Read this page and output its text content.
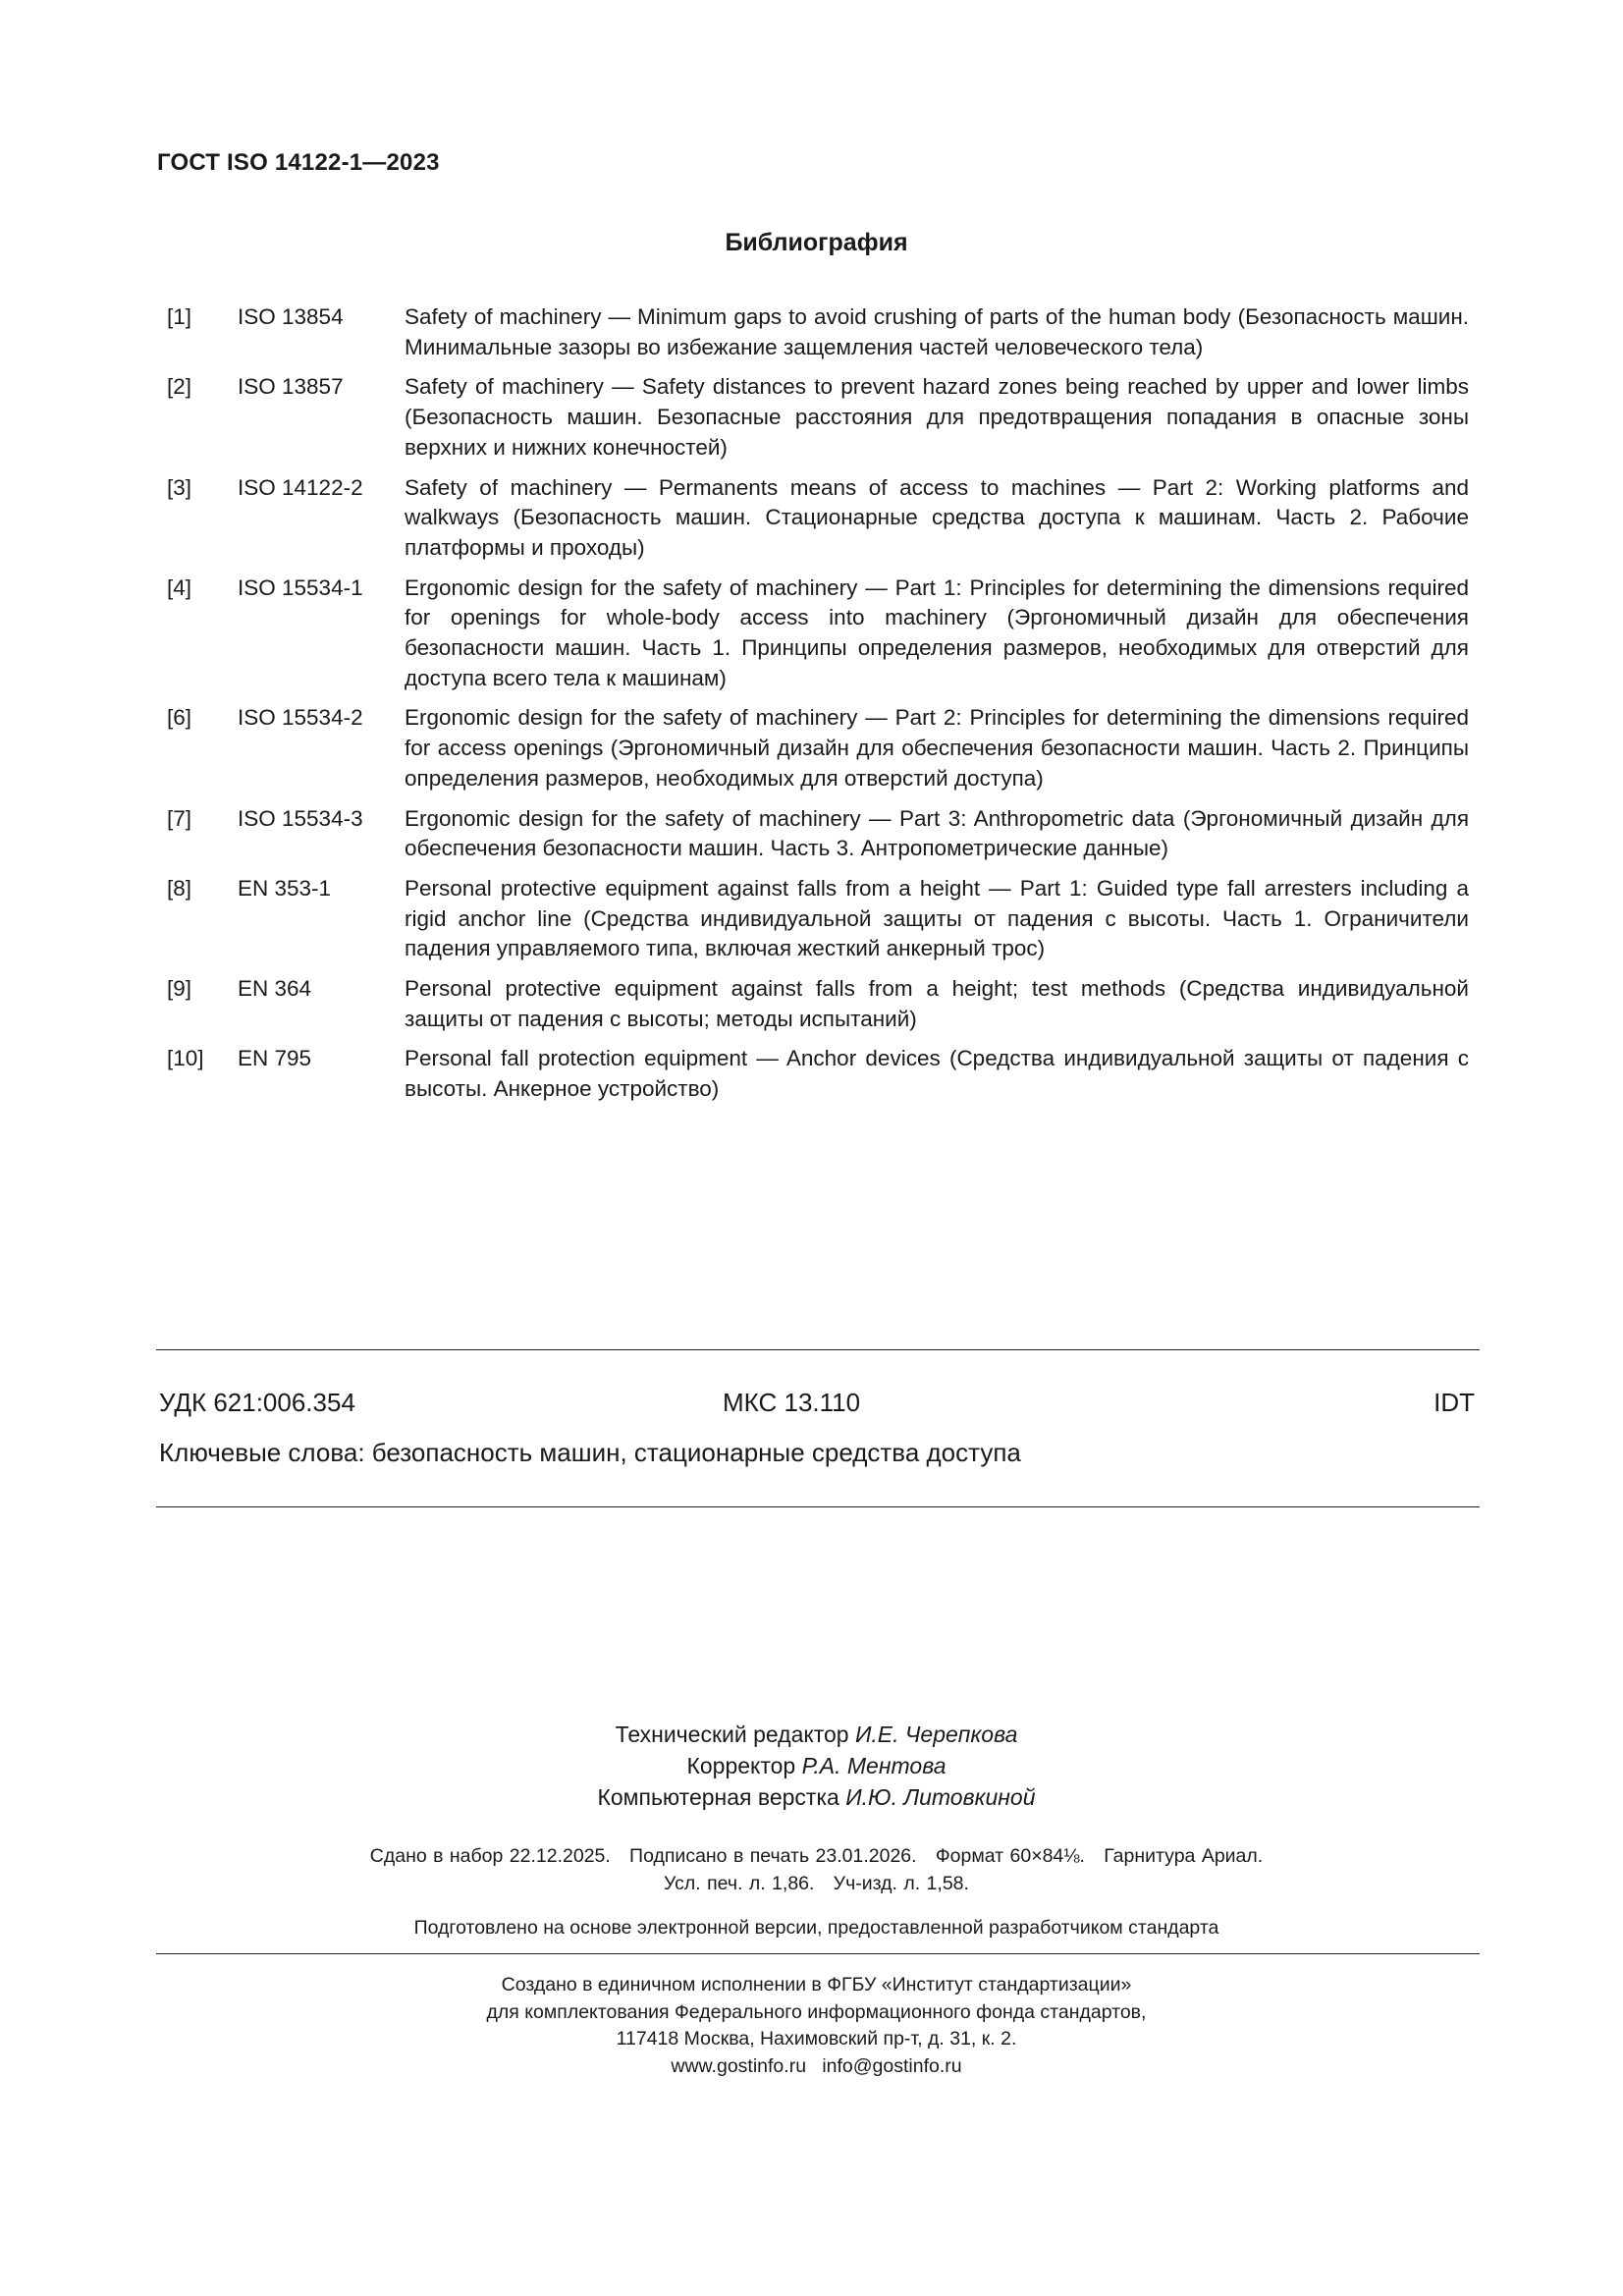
ГОСТ ISO 14122-1—2023
Библиография
[1]	ISO 13854	Safety of machinery — Minimum gaps to avoid crushing of parts of the human body (Безопасность машин. Минимальные зазоры во избежание защемления частей человеческого тела)
[2]	ISO 13857	Safety of machinery — Safety distances to prevent hazard zones being reached by upper and lower limbs (Безопасность машин. Безопасные расстояния для предотвращения попадания в опасные зоны верхних и нижних конечностей)
[3]	ISO 14122-2	Safety of machinery — Permanents means of access to machines — Part 2: Working platforms and walkways (Безопасность машин. Стационарные средства доступа к машинам. Часть 2. Рабочие платформы и проходы)
[4]	ISO 15534-1	Ergonomic design for the safety of machinery — Part 1: Principles for determining the dimensions required for openings for whole-body access into machinery (Эргономичный дизайн для обеспечения безопасности машин. Часть 1. Принципы определения размеров, необходимых для отверстий для доступа всего тела к машинам)
[6]	ISO 15534-2	Ergonomic design for the safety of machinery — Part 2: Principles for determining the dimensions required for access openings (Эргономичный дизайн для обеспечения безопасности машин. Часть 2. Принципы определения размеров, необходимых для отверстий доступа)
[7]	ISO 15534-3	Ergonomic design for the safety of machinery — Part 3: Anthropometric data (Эргономичный дизайн для обеспечения безопасности машин. Часть 3. Антропометрические данные)
[8]	EN 353-1	Personal protective equipment against falls from a height — Part 1: Guided type fall arresters including a rigid anchor line (Средства индивидуальной защиты от падения с высоты. Часть 1. Ограничители падения управляемого типа, включая жесткий анкерный трос)
[9]	EN 364	Personal protective equipment against falls from a height; test methods (Средства индивидуальной защиты от падения с высоты; методы испытаний)
[10]	EN 795	Personal fall protection equipment — Anchor devices (Средства индивидуальной защиты от падения с высоты. Анкерное устройство)
УДК 621:006.354	МКС 13.110	IDT
Ключевые слова: безопасность машин, стационарные средства доступа
Технический редактор И.Е. Черепкова
Корректор Р.А. Ментова
Компьютерная верстка И.Ю. Литовкиной
Сдано в набор 22.12.2025.   Подписано в печать 23.01.2026.   Формат 60×84⅛.   Гарнитура Ариал.
Усл. печ. л. 1,86.   Уч-изд. л. 1,58.
Подготовлено на основе электронной версии, предоставленной разработчиком стандарта
Создано в единичном исполнении в ФГБУ «Институт стандартизации»
для комплектования Федерального информационного фонда стандартов,
117418 Москва, Нахимовский пр-т, д. 31, к. 2.
www.gostinfo.ru info@gostinfo.ru
